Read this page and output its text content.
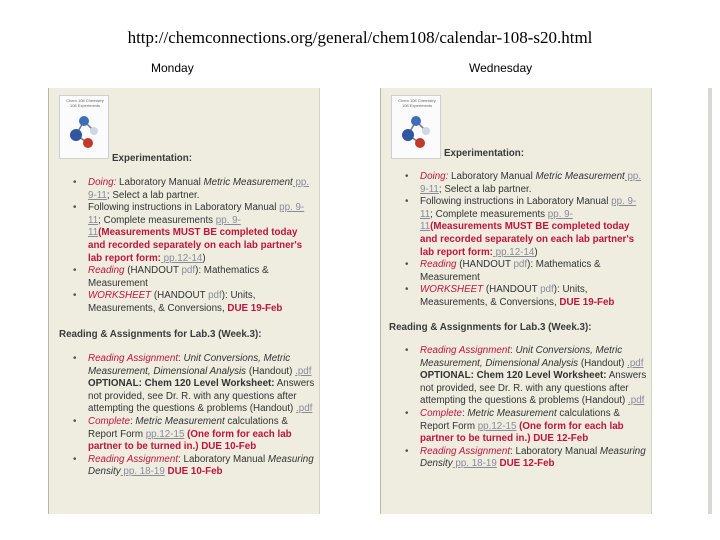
http://chemconnections.org/general/chem108/calendar-108-s20.html
Monday	Wednesday
Chem 108 Chemistry 108 Experiments
Experimentation:
• Doing: Laboratory Manual Metric Measurement pp. 9-11; Select a lab partner.
• Following instructions in Laboratory Manual pp. 9-11; Complete measurements pp. 9-11(Measurements MUST BE completed today and recorded separately on each lab partner's lab report form: pp.12-14)
• Reading (HANDOUT pdf): Mathematics & Measurement
• WORKSHEET (HANDOUT pdf): Units, Measurements, & Conversions, DUE 19-Feb
Reading & Assignments for Lab.3 (Week.3):
• Reading Assignment: Unit Conversions, Metric Measurement, Dimensional Analysis (Handout) .pdf OPTIONAL: Chem 120 Level Worksheet: Answers not provided, see Dr. R. with any questions after attempting the questions & problems (Handout) .pdf
• Complete: Metric Measurement calculations & Report Form pp.12-15 (One form for each lab partner to be turned in.) DUE 10-Feb
• Reading Assignment: Laboratory Manual Measuring Density pp. 18-19 DUE 10-Feb
Chem 108 Chemistry 108 Experiments
Experimentation:
• Doing: Laboratory Manual Metric Measurement pp. 9-11; Select a lab partner.
• Following instructions in Laboratory Manual pp. 9-11; Complete measurements pp. 9-11(Measurements MUST BE completed today and recorded separately on each lab partner's lab report form: pp.12-14)
• Reading (HANDOUT pdf): Mathematics & Measurement
• WORKSHEET (HANDOUT pdf): Units, Measurements, & Conversions, DUE 19-Feb
Reading & Assignments for Lab.3 (Week.3):
• Reading Assignment: Unit Conversions, Metric Measurement, Dimensional Analysis (Handout) .pdf OPTIONAL: Chem 120 Level Worksheet: Answers not provided, see Dr. R. with any questions after attempting the questions & problems (Handout) .pdf
• Complete: Metric Measurement calculations & Report Form pp.12-15 (One form for each lab partner to be turned in.) DUE 12-Feb
• Reading Assignment: Laboratory Manual Measuring Density pp. 18-19 DUE 12-Feb
